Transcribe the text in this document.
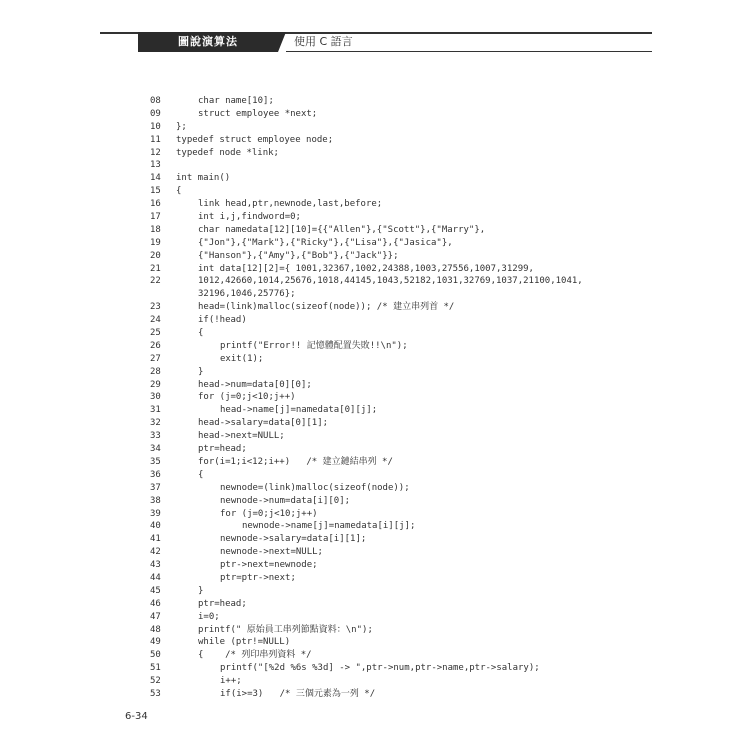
圖說演算法	使用 C 語言
08	char name[10];
09	struct employee *next;
10	};
11	typedef struct employee node;
12	typedef node *link;
13
14	int main()
15	{
16	link head,ptr,newnode,last,before;
17	int i,j,findword=0;
18	char namedata[12][10]={{"Allen"},{"Scott"},{"Marry"},
19	{"Jon"},{"Mark"},{"Ricky"},{"Lisa"},{"Jasica"},
20	{"Hanson"},{"Amy"},{"Bob"},{"Jack"}};
21	int data[12][2]={ 1001,32367,1002,24388,1003,27556,1007,31299,
22	1012,42660,1014,25676,1018,44145,1043,52182,1031,32769,1037,21100,1041,
32196,1046,25776};
23	head=(link)malloc(sizeof(node)); /* 建立串列首 */
24	if(!head)
25	{
26	printf("Error!! 記憶體配置失敗!!\n");
27	exit(1);
28	}
29	head->num=data[0][0];
30	for (j=0;j<10;j++)
31	head->name[j]=namedata[0][j];
32	head->salary=data[0][1];
33	head->next=NULL;
34	ptr=head;
35	for(i=1;i<12;i++)   /* 建立鏈結串列 */
36	{
37	newnode=(link)malloc(sizeof(node));
38	newnode->num=data[i][0];
39	for (j=0;j<10;j++)
40	newnode->name[j]=namedata[i][j];
41	newnode->salary=data[i][1];
42	newnode->next=NULL;
43	ptr->next=newnode;
44	ptr=ptr->next;
45	}
46	ptr=head;
47	i=0;
48	printf(" 原始員工串列節點資料：\n");
49	while (ptr!=NULL)
50	{    /* 列印串列資料 */
51	printf("[%2d %6s %3d] -> ",ptr->num,ptr->name,ptr->salary);
52	i++;
53	if(i>=3)   /* 三個元素為一列 */
6-34
